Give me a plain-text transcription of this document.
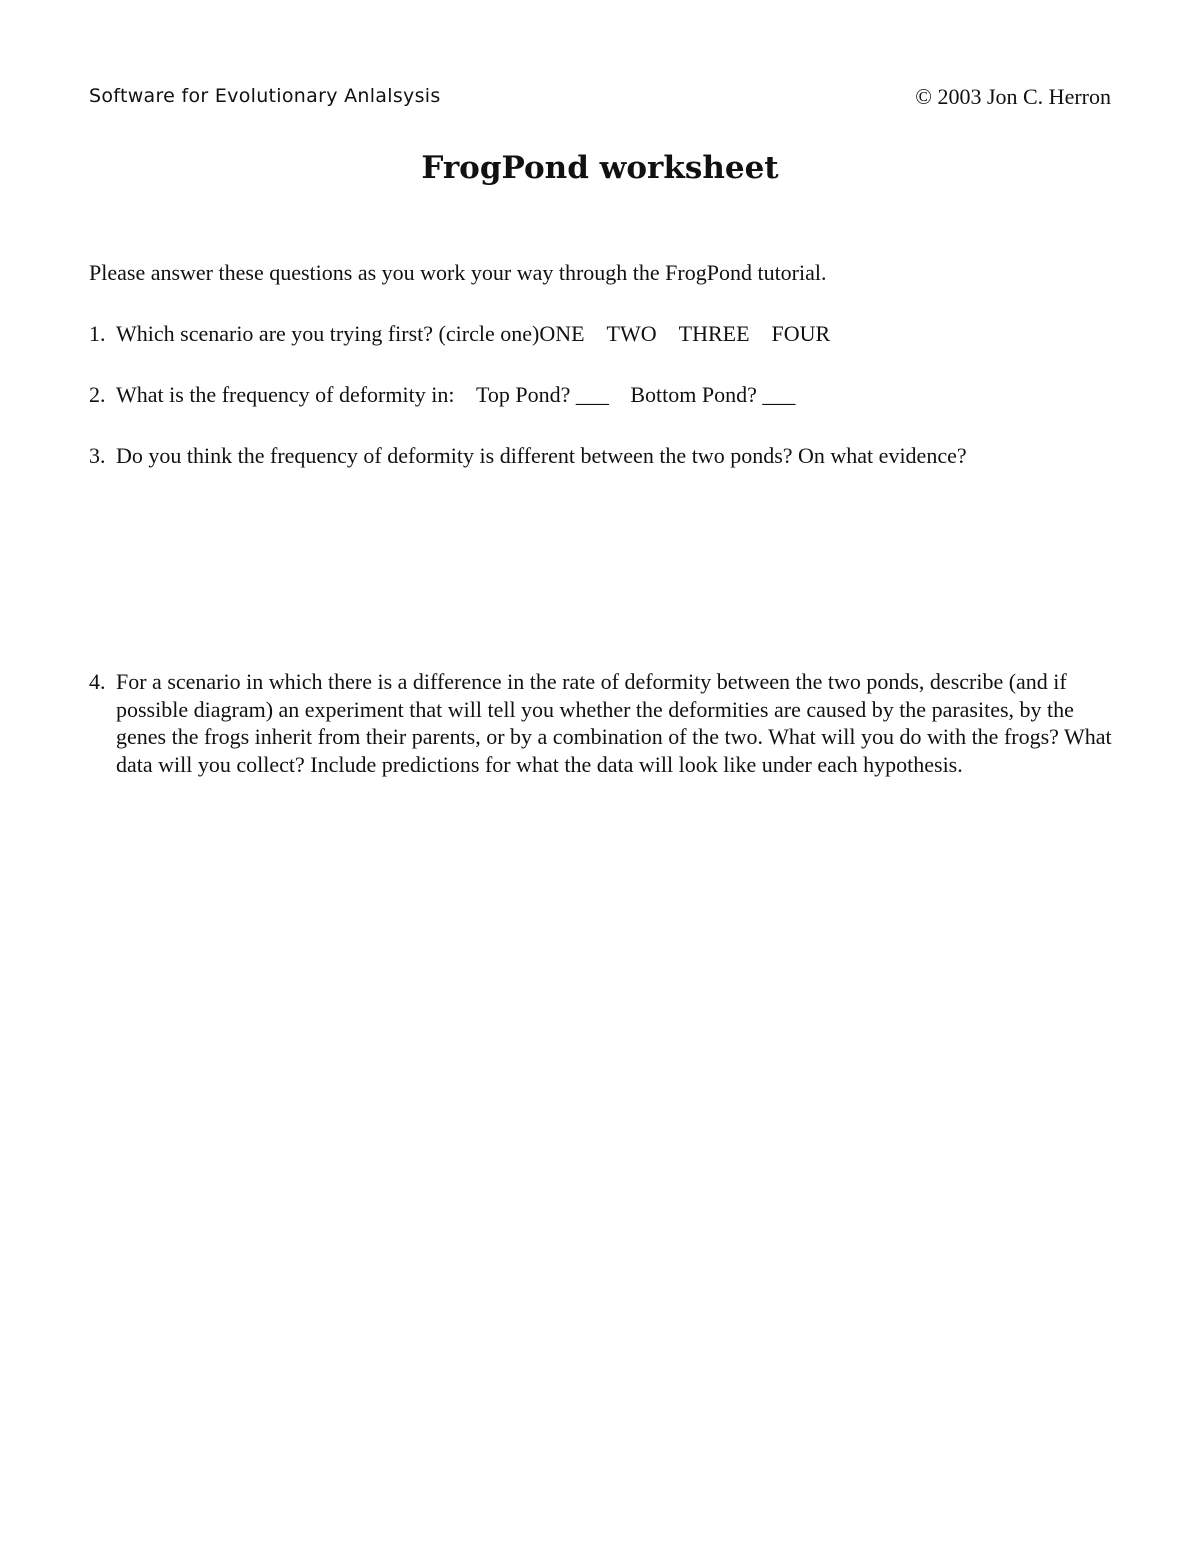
Software for Evolutionary Anlalsysis	© 2003 Jon C. Herron
FrogPond worksheet
Please answer these questions as you work your way through the FrogPond tutorial.
1. Which scenario are you trying first? (circle one)ONE TWO THREE FOUR
2. What is the frequency of deformity in: Top Pond? ___ Bottom Pond? ___
3. Do you think the frequency of deformity is different between the two ponds? On what evidence?
4. For a scenario in which there is a difference in the rate of deformity between the two ponds, describe (and if possible diagram) an experiment that will tell you whether the deformities are caused by the parasites, by the genes the frogs inherit from their parents, or by a combination of the two. What will you do with the frogs? What data will you collect? Include predictions for what the data will look like under each hypothesis.
